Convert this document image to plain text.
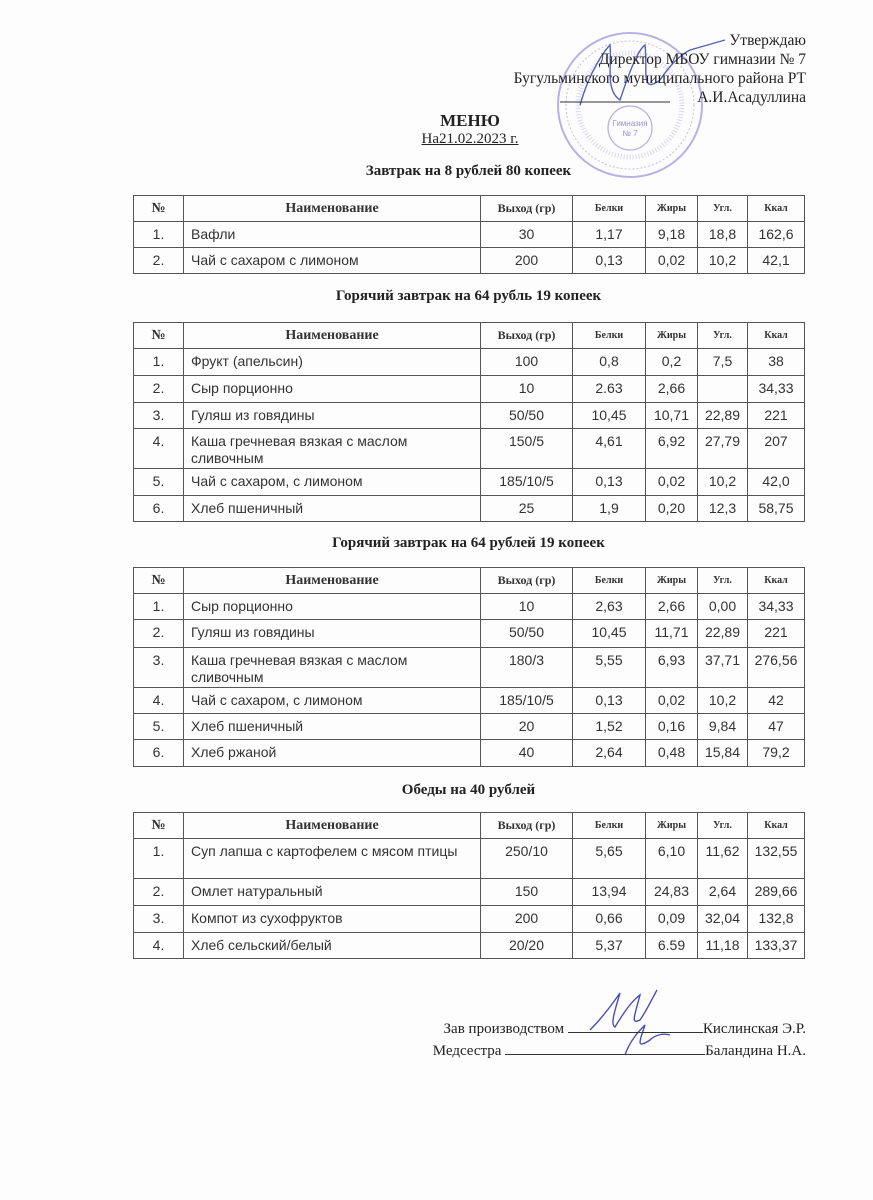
Гимназия
№ 7
Утверждаю
Директор МБОУ гимназии № 7
Бугульминского муниципального района РТ
А.И.Асадуллина
МЕНЮ
На21.02.2023 г.
Завтрак на 8 рублей 80 копеек
№	Наименование	Выход (гр)	Белки	Жиры	Угл.	Ккал
1.	Вафли	30	1,17	9,18	18,8	162,6
2.	Чай с сахаром с лимоном	200	0,13	0,02	10,2	42,1
Горячий завтрак на 64 рубль 19 копеек
№	Наименование	Выход (гр)	Белки	Жиры	Угл.	Ккал
1.	Фрукт (апельсин)	100	0,8	0,2	7,5	38
2.	Сыр порционно	10	2.63	2,66		34,33
3.	Гуляш из говядины	50/50	10,45	10,71	22,89	221
4.	Каша гречневая вязкая с маслом сливочным	150/5	4,61	6,92	27,79	207
5.	Чай с сахаром, с лимоном	185/10/5	0,13	0,02	10,2	42,0
6.	Хлеб пшеничный	25	1,9	0,20	12,3	58,75
Горячий завтрак на 64 рублей 19 копеек
№	Наименование	Выход (гр)	Белки	Жиры	Угл.	Ккал
1.	Сыр порционно	10	2,63	2,66	0,00	34,33
2.	Гуляш из говядины	50/50	10,45	11,71	22,89	221
3.	Каша гречневая вязкая с маслом сливочным	180/3	5,55	6,93	37,71	276,56
4.	Чай с сахаром, с лимоном	185/10/5	0,13	0,02	10,2	42
5.	Хлеб пшеничный	20	1,52	0,16	9,84	47
6.	Хлеб ржаной	40	2,64	0,48	15,84	79,2
Обеды на 40 рублей
№	Наименование	Выход (гр)	Белки	Жиры	Угл.	Ккал
1.	Суп лапша с картофелем с мясом птицы	250/10	5,65	6,10	11,62	132,55
2.	Омлет натуральный	150	13,94	24,83	2,64	289,66
3.	Компот из сухофруктов	200	0,66	0,09	32,04	132,8
4.	Хлеб сельский/белый	20/20	5,37	6.59	11,18	133,37
Зав производством	Кислинская Э.Р.
Медсестра	Баландина Н.А.
